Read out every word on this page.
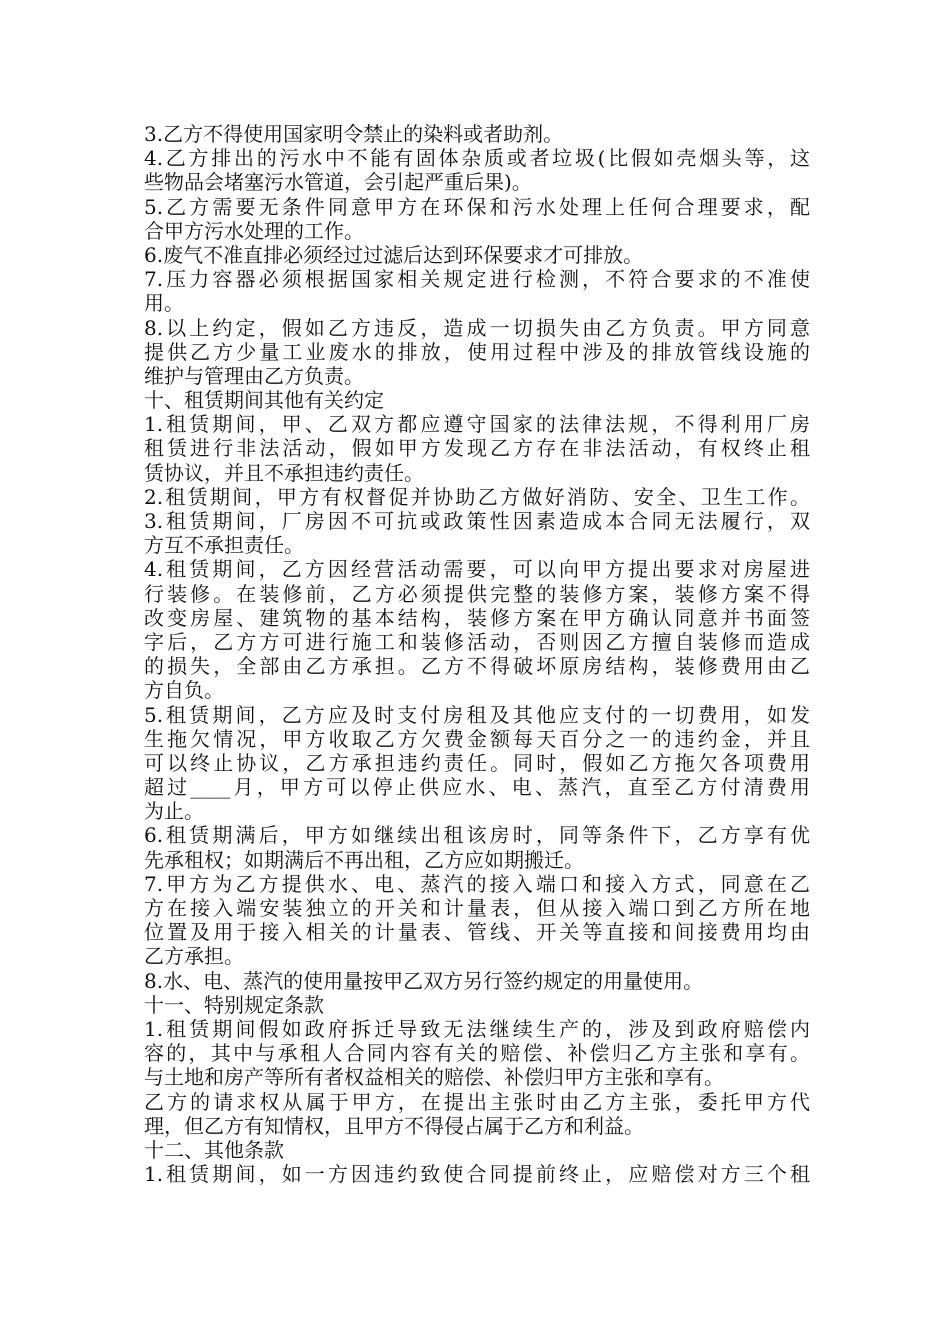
3.乙方不得使用国家明令禁止的染料或者助剂。
4.乙方排出的污水中不能有固体杂质或者垃圾(比假如壳烟头等，这
些物品会堵塞污水管道，会引起严重后果)。
5.乙方需要无条件同意甲方在环保和污水处理上任何合理要求，配
合甲方污水处理的工作。
6.废气不准直排必须经过过滤后达到环保要求才可排放。
7.压力容器必须根据国家相关规定进行检测，不符合要求的不准使
用。
8.以上约定，假如乙方违反，造成一切损失由乙方负责。甲方同意
提供乙方少量工业废水的排放，使用过程中涉及的排放管线设施的
维护与管理由乙方负责。
十、租赁期间其他有关约定
1.租赁期间，甲、乙双方都应遵守国家的法律法规，不得利用厂房
租赁进行非法活动，假如甲方发现乙方存在非法活动，有权终止租
赁协议，并且不承担违约责任。
2.租赁期间，甲方有权督促并协助乙方做好消防、安全、卫生工作。
3.租赁期间，厂房因不可抗或政策性因素造成本合同无法履行，双
方互不承担责任。
4.租赁期间，乙方因经营活动需要，可以向甲方提出要求对房屋进
行装修。在装修前，乙方必须提供完整的装修方案，装修方案不得
改变房屋、建筑物的基本结构，装修方案在甲方确认同意并书面签
字后，乙方方可进行施工和装修活动，否则因乙方擅自装修而造成
的损失，全部由乙方承担。乙方不得破坏原房结构，装修费用由乙
方自负。
5.租赁期间，乙方应及时支付房租及其他应支付的一切费用，如发
生拖欠情况，甲方收取乙方欠费金额每天百分之一的违约金，并且
可以终止协议，乙方承担违约责任。同时，假如乙方拖欠各项费用
超过____月，甲方可以停止供应水、电、蒸汽，直至乙方付清费用
为止。
6.租赁期满后，甲方如继续出租该房时，同等条件下，乙方享有优
先承租权；如期满后不再出租，乙方应如期搬迁。
7.甲方为乙方提供水、电、蒸汽的接入端口和接入方式，同意在乙
方在接入端安装独立的开关和计量表，但从接入端口到乙方所在地
位置及用于接入相关的计量表、管线、开关等直接和间接费用均由
乙方承担。
8.水、电、蒸汽的使用量按甲乙双方另行签约规定的用量使用。
十一、特别规定条款
1.租赁期间假如政府拆迁导致无法继续生产的，涉及到政府赔偿内
容的，其中与承租人合同内容有关的赔偿、补偿归乙方主张和享有。
与土地和房产等所有者权益相关的赔偿、补偿归甲方主张和享有。
乙方的请求权从属于甲方，在提出主张时由乙方主张，委托甲方代
理，但乙方有知情权，且甲方不得侵占属于乙方和利益。
十二、其他条款
1.租赁期间，如一方因违约致使合同提前终止，应赔偿对方三个租
